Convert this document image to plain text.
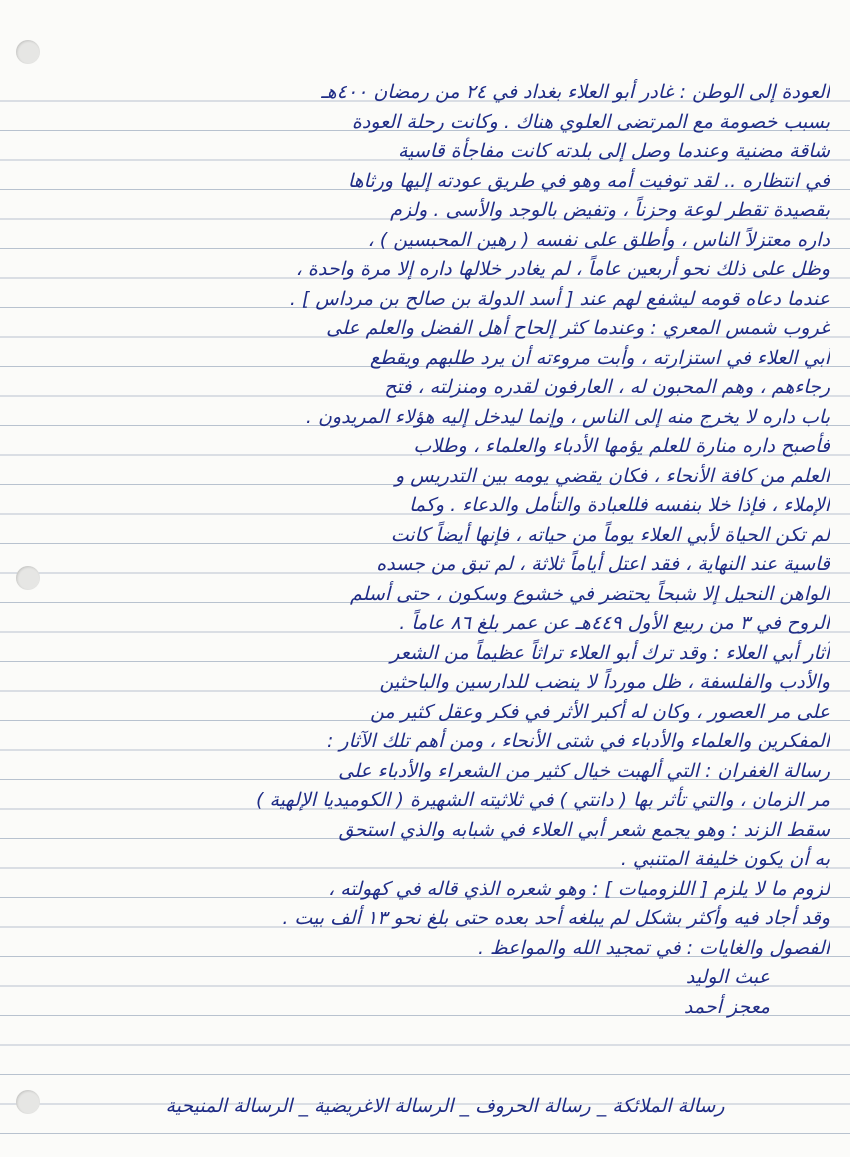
العودة إلى الوطن : غادر أبو العلاء بغداد في ٢٤ من رمضان ٤٠٠هـ
بسبب خصومة مع المرتضى العلوي هناك . وكانت رحلة العودة
شاقة مضنية وعندما وصل إلى بلدته كانت مفاجأة قاسية
في انتظاره .. لقد توفيت أمه وهو في طريق عودته إليها ورثاها
بقصيدة تقطر لوعة وحزناً ، وتفيض بالوجد والأسى . ولزم
داره معتزلاً الناس ، وأطلق على نفسه ( رهين المحبسين ) ،
وظل على ذلك نحو أربعين عاماً ، لم يغادر خلالها داره إلا مرة واحدة ،
عندما دعاه قومه ليشفع لهم عند [ أسد الدولة بن صالح بن مرداس ] .
غروب شمس المعري : وعندما كثر إلحاح أهل الفضل والعلم على
أبي العلاء في استزارته ، وأبت مروءته أن يرد طلبهم ويقطع
رجاءهم ، وهم المحبون له ، العارفون لقدره ومنزلته ، فتح
باب داره لا يخرج منه إلى الناس ، وإنما ليدخل إليه هؤلاء المريدون .
فأصبح داره منارة للعلم يؤمها الأدباء والعلماء ، وطلاب
العلم من كافة الأنحاء ، فكان يقضي يومه بين التدريس و
الإملاء ، فإذا خلا بنفسه فللعبادة والتأمل والدعاء . وكما
لم تكن الحياة لأبي العلاء يوماً من حياته ، فإنها أيضاً كانت
قاسية عند النهاية ، فقد اعتل أياماً ثلاثة ، لم تبق من جسده
الواهن النحيل إلا شبحاً يحتضر في خشوع وسكون ، حتى أسلم
الروح في ٣ من ربيع الأول ٤٤٩هـ عن عمر بلغ ٨٦ عاماً .
آثار أبي العلاء : وقد ترك أبو العلاء تراثاً عظيماً من الشعر
والأدب والفلسفة ، ظل مورداً لا ينضب للدارسين والباحثين
على مر العصور ، وكان له أكبر الأثر في فكر وعقل كثير من
المفكرين والعلماء والأدباء في شتى الأنحاء ، ومن أهم تلك الآثار :
رسالة الغفران : التي ألهبت خيال كثير من الشعراء والأدباء على
مر الزمان ، والتي تأثر بها ( دانتي ) في ثلاثيته الشهيرة ( الكوميديا الإلهية )
سقط الزند : وهو يجمع شعر أبي العلاء في شبابه والذي استحق
به أن يكون خليفة المتنبي .
لزوم ما لا يلزم [ اللزوميات ] : وهو شعره الذي قاله في كهولته ،
وقد أجاد فيه وأكثر بشكل لم يبلغه أحد بعده حتى بلغ نحو ١٣ ألف بيت .
الفصول والغايات : في تمجيد الله والمواعظ .
عبث الوليد
معجز أحمد
رسالة الملائكة _ رسالة الحروف _ الرسالة الاغريضية _ الرسالة المنيحية
